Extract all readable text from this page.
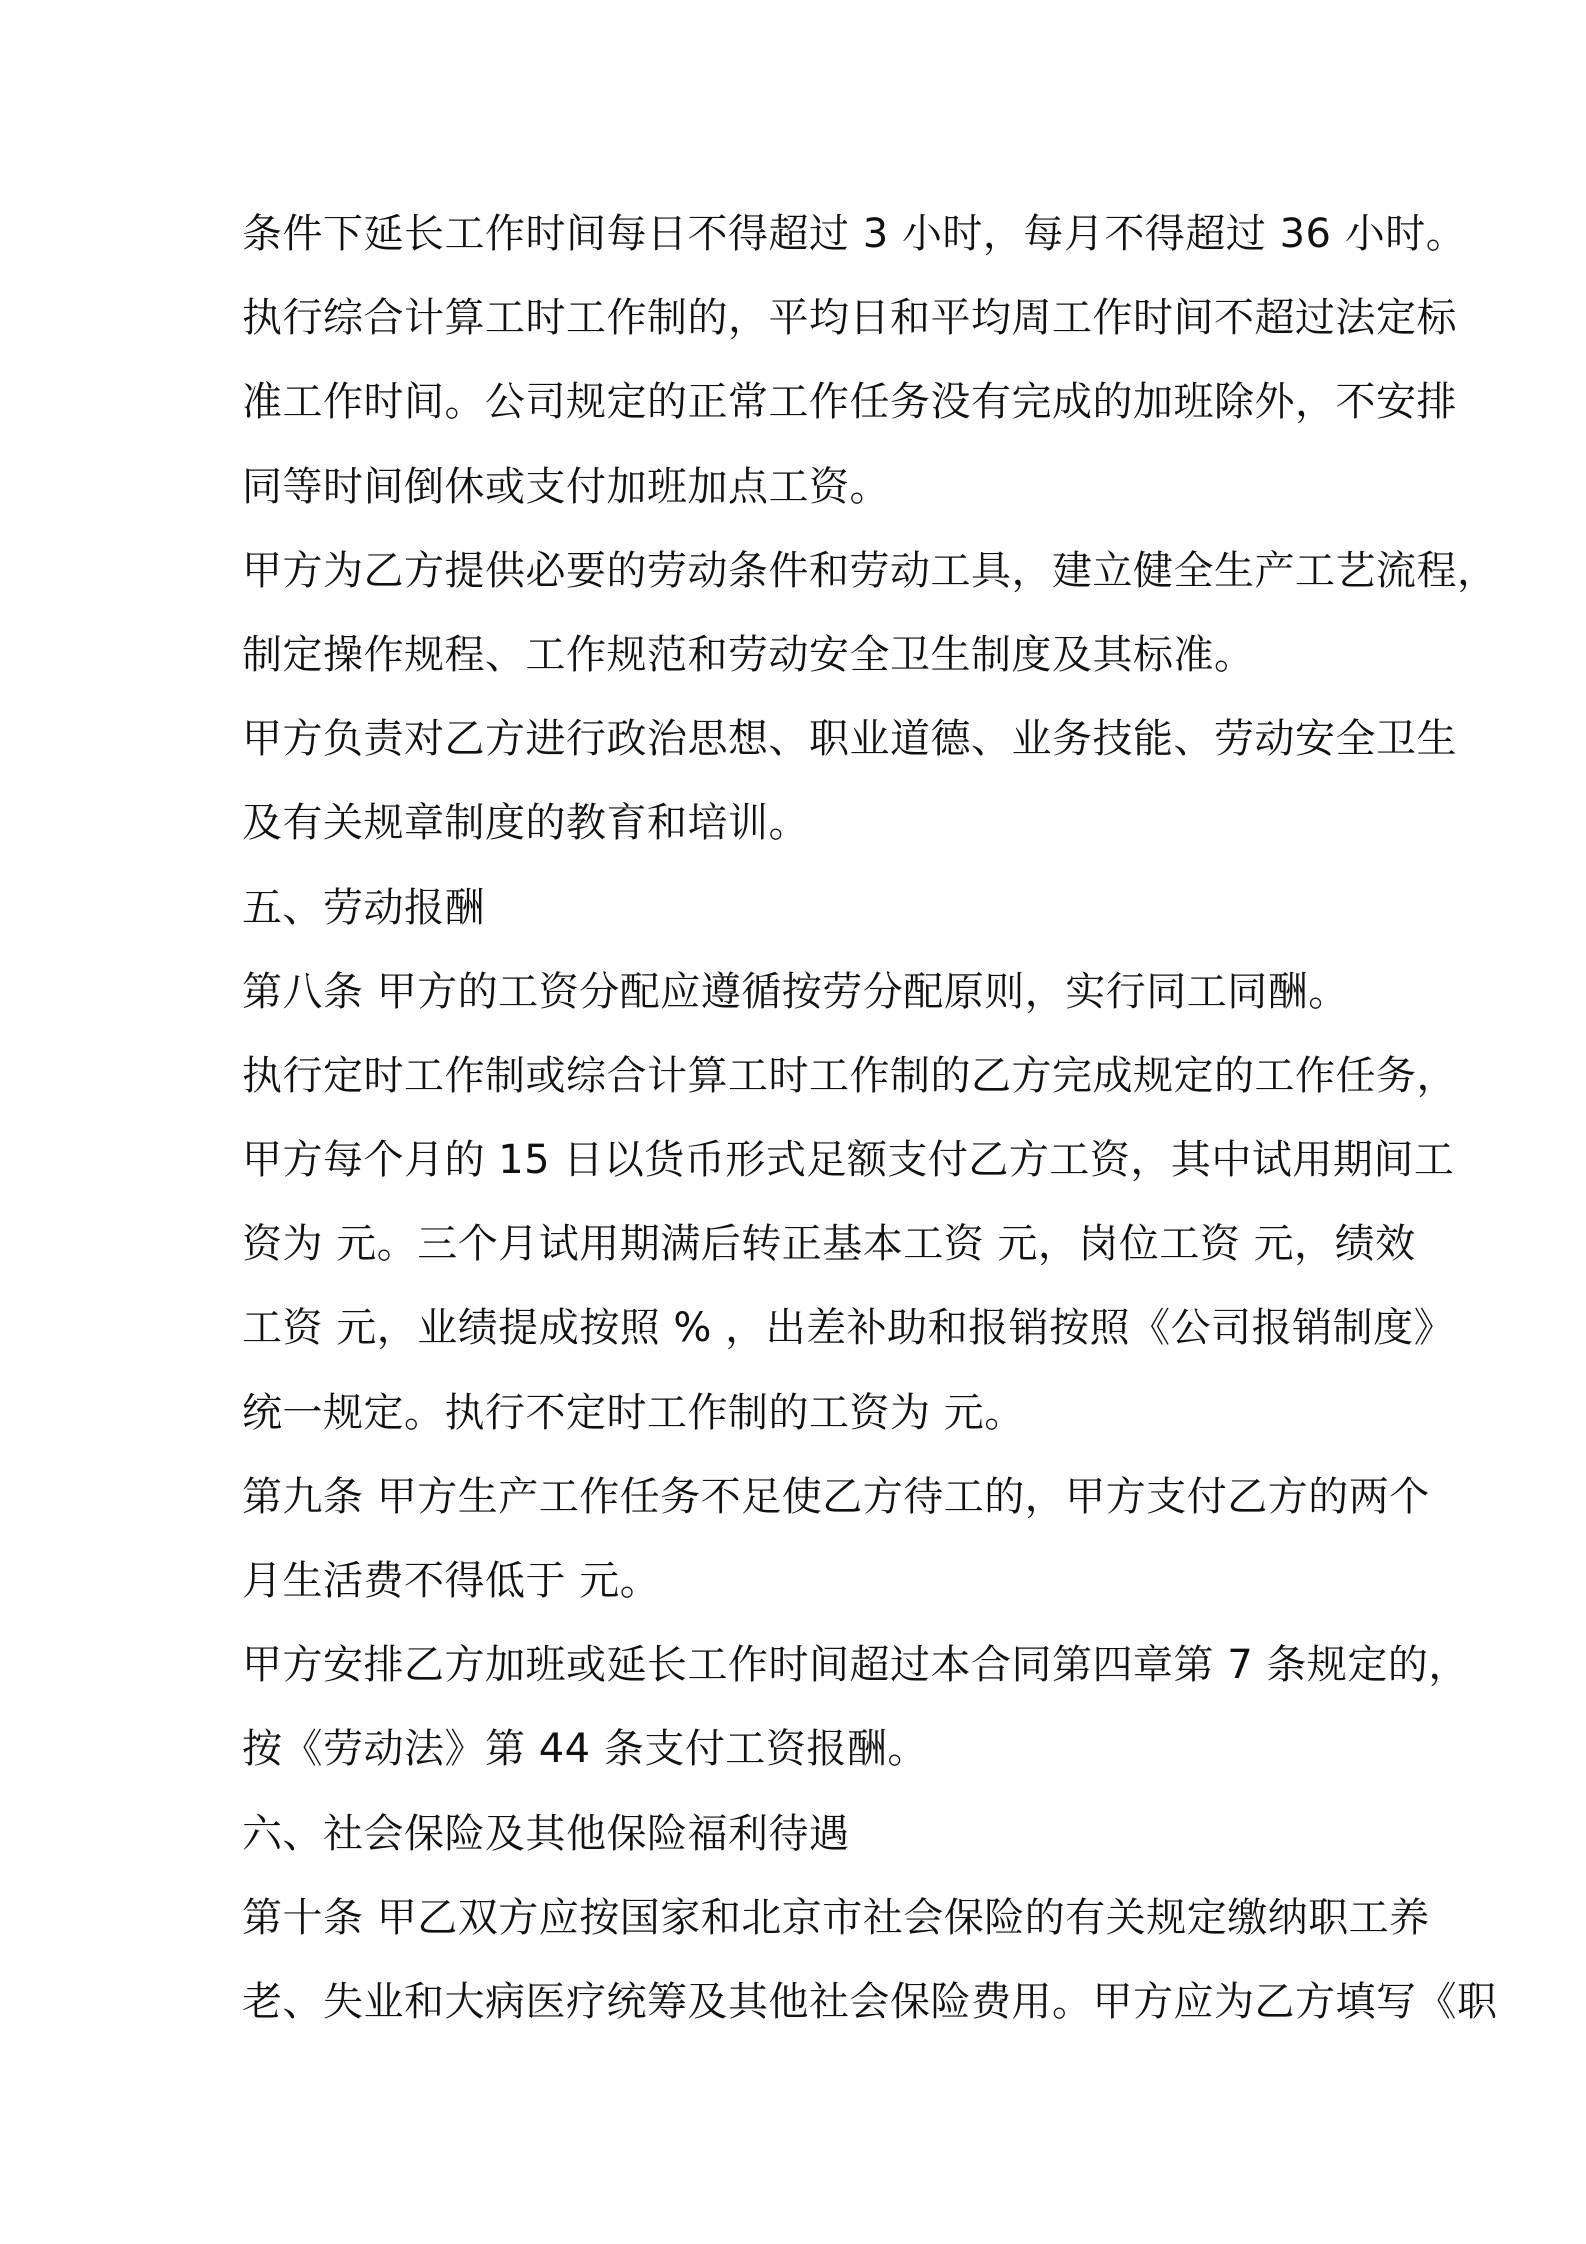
条件下延长工作时间每日不得超过 3 小时，每月不得超过 36 小时。
执行综合计算工时工作制的，平均日和平均周工作时间不超过法定标
准工作时间。公司规定的正常工作任务没有完成的加班除外，不安排
同等时间倒休或支付加班加点工资。
甲方为乙方提供必要的劳动条件和劳动工具，建立健全生产工艺流程，
制定操作规程、工作规范和劳动安全卫生制度及其标准。
甲方负责对乙方进行政治思想、职业道德、业务技能、劳动安全卫生
及有关规章制度的教育和培训。
五、劳动报酬
第八条 甲方的工资分配应遵循按劳分配原则，实行同工同酬。
执行定时工作制或综合计算工时工作制的乙方完成规定的工作任务，
甲方每个月的 15 日以货币形式足额支付乙方工资，其中试用期间工
资为 元。三个月试用期满后转正基本工资 元，岗位工资 元，绩效
工资 元，业绩提成按照 % ，出差补助和报销按照《公司报销制度》
统一规定。执行不定时工作制的工资为 元。
第九条 甲方生产工作任务不足使乙方待工的，甲方支付乙方的两个
月生活费不得低于 元。
甲方安排乙方加班或延长工作时间超过本合同第四章第 7 条规定的，
按《劳动法》第 44 条支付工资报酬。
六、社会保险及其他保险福利待遇
第十条 甲乙双方应按国家和北京市社会保险的有关规定缴纳职工养
老、失业和大病医疗统筹及其他社会保险费用。甲方应为乙方填写《职
